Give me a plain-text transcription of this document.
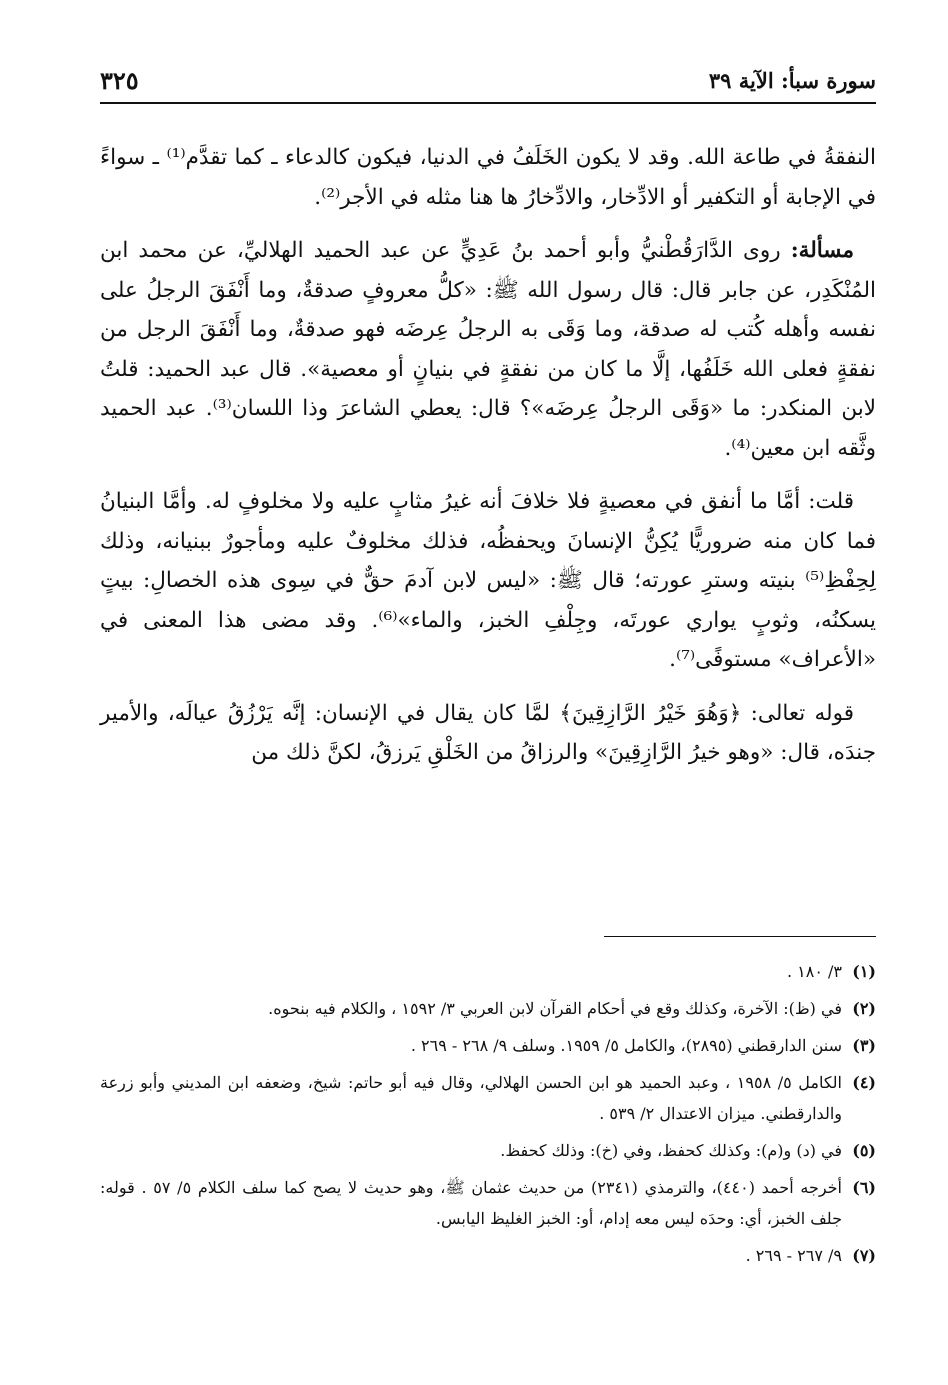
سورة سبأ: الآية ٣٩
٣٢٥

النفقةُ في طاعة الله. وقد لا يكون الخَلَفُ في الدنيا، فيكون كالدعاء ـ كما تقدَّم⁽¹⁾ ـ سواءً في الإجابة أو التكفير أو الادِّخار، والادِّخارُ ها هنا مثله في الأجر⁽²⁾.

مسألة: روى الدَّارَقُطْنيُّ وأبو أحمد بنُ عَدِيٍّ عن عبد الحميد الهلاليِّ، عن محمد ابن المُنْكَدِر، عن جابر قال: قال رسول الله ﷺ: «كلُّ معروفٍ صدقةٌ، وما أَنْفَقَ الرجلُ على نفسه وأهله كُتب له صدقة، وما وَقَى به الرجلُ عِرضَه فهو صدقةٌ، وما أَنْفَقَ الرجل من نفقةٍ فعلى الله خَلَفُها، إلَّا ما كان من نفقةٍ في بنيانٍ أو معصية». قال عبد الحميد: قلتُ لابن المنكدر: ما «وَقَى الرجلُ عِرضَه»؟ قال: يعطي الشاعرَ وذا اللسان⁽³⁾. عبد الحميد وثَّقه ابن معين⁽⁴⁾.

قلت: أمَّا ما أنفق في معصيةٍ فلا خلافَ أنه غيرُ مثابٍ عليه ولا مخلوفٍ له. وأمَّا البنيانُ فما كان منه ضروريًّا يُكِنُّ الإنسانَ ويحفظُه، فذلك مخلوفٌ عليه ومأجورٌ ببنيانه، وذلك لِحِفْظِ⁽⁵⁾ بنيته وسترِ عورته؛ قال ﷺ: «ليس لابن آدمَ حقٌّ في سِوى هذه الخصالِ: بيتٍ يسكنُه، وثوبٍ يواري عورتَه، وجِلْفِ الخبز، والماء»⁽⁶⁾. وقد مضى هذا المعنى في «الأعراف» مستوفًى⁽⁷⁾.

قوله تعالى: ﴿وَهُوَ خَيْرُ الرَّازِقِينَ﴾ لمَّا كان يقال في الإنسان: إنَّه يَرْزُقُ عيالَه، والأمير جندَه، قال: «وهو خيرُ الرَّازِقِينَ» والرزاقُ من الخَلْقِ يَرزقُ، لكنَّ ذلك من

(١)
٣/ ١٨٠ .
(٢)
في (ظ): الآخرة، وكذلك وقع في أحكام القرآن لابن العربي ٣/ ١٥٩٢ ، والكلام فيه بنحوه.
(٣)
سنن الدارقطني (٢٨٩٥)، والكامل ٥/ ١٩٥٩. وسلف ٩/ ٢٦٨ - ٢٦٩ .
(٤)
الكامل ٥/ ١٩٥٨ ، وعبد الحميد هو ابن الحسن الهلالي، وقال فيه أبو حاتم: شيخ، وضعفه ابن المديني وأبو زرعة والدارقطني. ميزان الاعتدال ٢/ ٥٣٩ .
(٥)
في (د) و(م): وكذلك كحفظ، وفي (خ): وذلك كحفظ.
(٦)
أخرجه أحمد (٤٤٠)، والترمذي (٢٣٤١) من حديث عثمان ﷺ، وهو حديث لا يصح كما سلف الكلام ٥/ ٥٧ . قوله: جلف الخبز، أي: وحدَه ليس معه إدام، أو: الخبز الغليظ اليابس.
(٧)
٩/ ٢٦٧ - ٢٦٩ .
